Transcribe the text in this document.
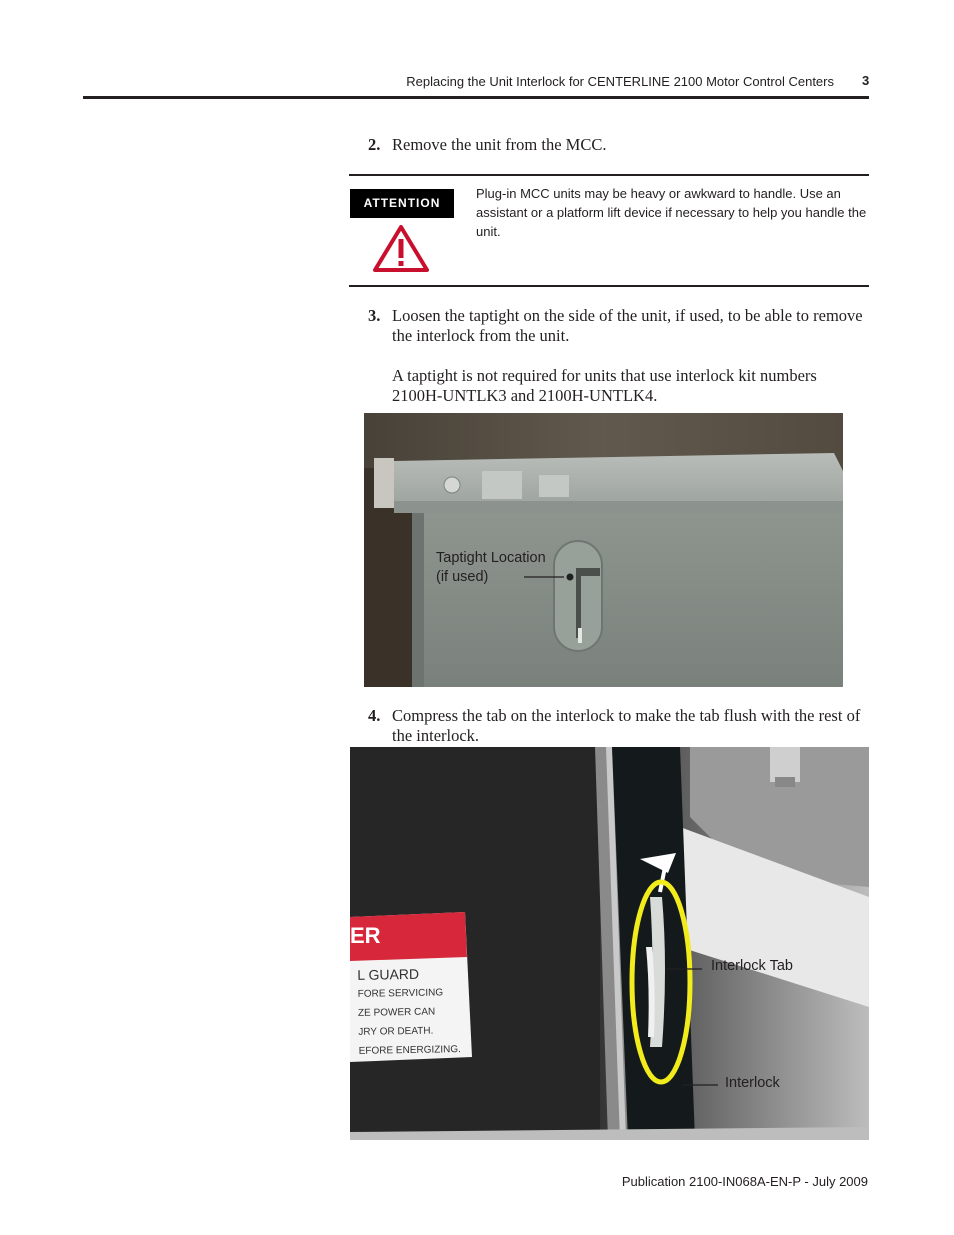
Replacing the Unit Interlock for CENTERLINE 2100 Motor Control Centers 3
2. Remove the unit from the MCC.

ATTENTION
Plug-in MCC units may be heavy or awkward to handle. Use an assistant or a platform lift device if necessary to help you handle the unit.
3. Loosen the taptight on the side of the unit, if used, to be able to remove the interlock from the unit.

A taptight is not required for units that use interlock kit numbers 2100H-UNTLK3 and 2100H-UNTLK4.

Taptight Location
(if used)
4. Compress the tab on the interlock to make the tab flush with the rest of the interlock.

ER
L GUARD
FORE SERVICING
ZE POWER CAN
JRY OR DEATH.
EFORE ENERGIZING.
Interlock Tab
Interlock
Publication 2100-IN068A-EN-P - July 2009
